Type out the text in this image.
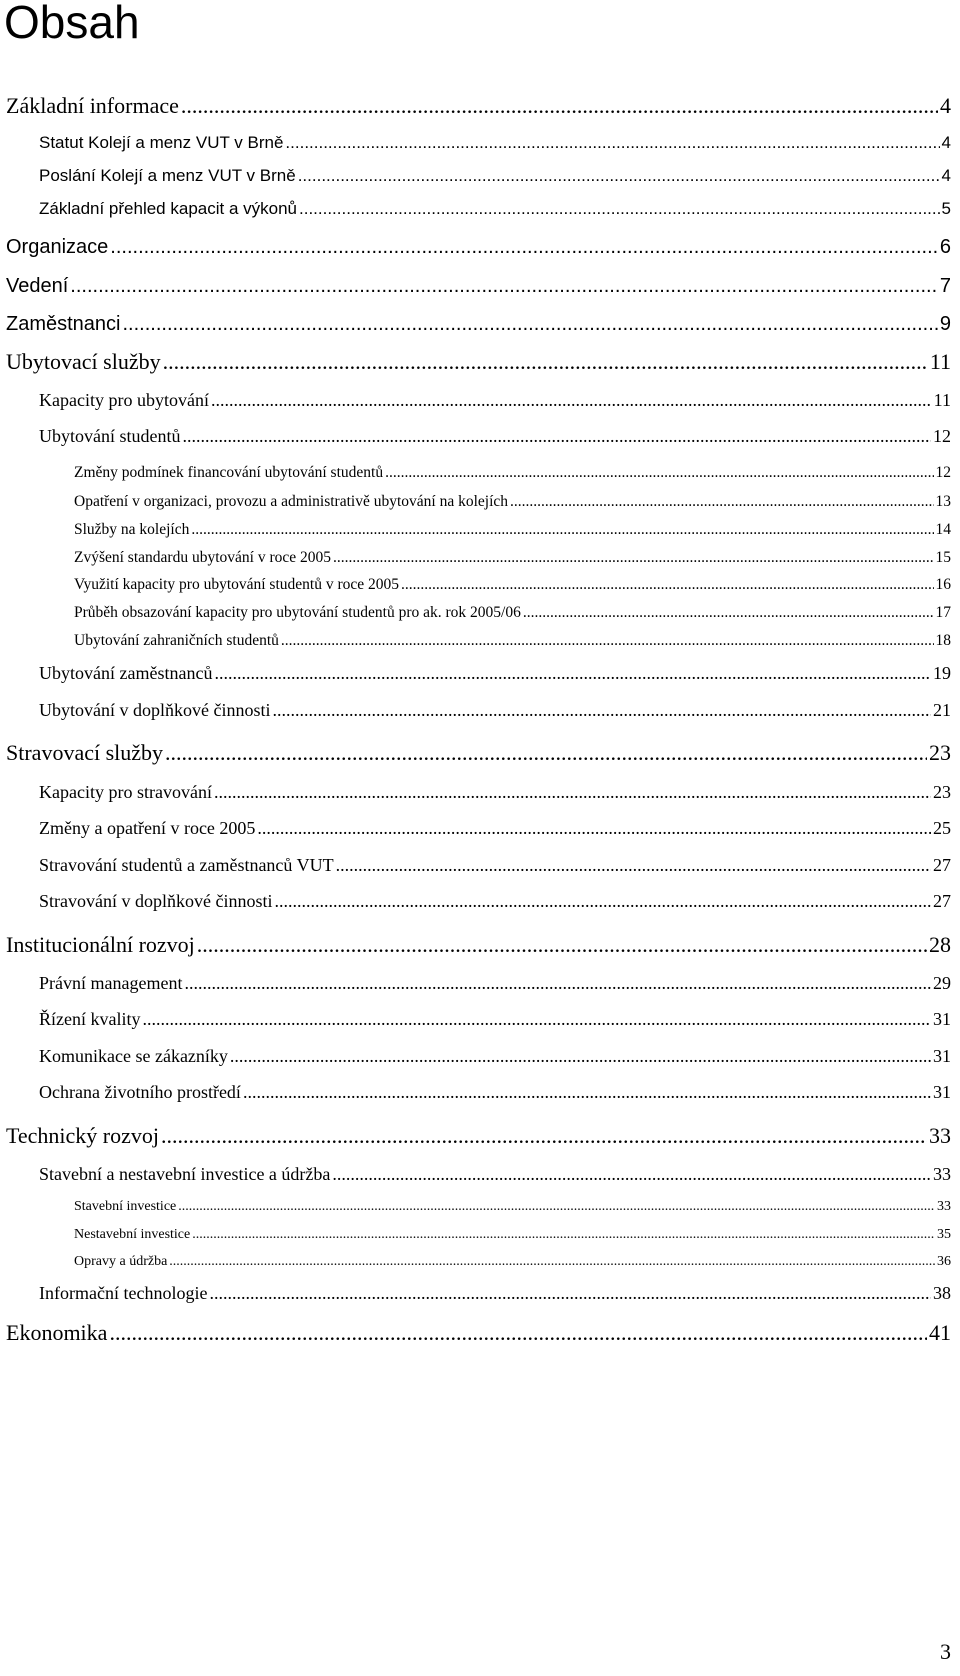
Obsah
Základní informace .....	4
Statut Kolejí a menz VUT v Brně .....	4
Poslání Kolejí a menz VUT v Brně .....	4
Základní přehled kapacit a výkonů .....	5
Organizace .....	6
Vedení .....	7
Zaměstnanci .....	9
Ubytovací služby .....	11
Kapacity pro ubytování .....	11
Ubytování studentů .....	12
Změny podmínek financování ubytování studentů .....	12
Opatření v organizaci, provozu a administrativě ubytování na kolejích .....	13
Služby na kolejích .....	14
Zvýšení standardu ubytování v roce 2005 .....	15
Využití kapacity pro ubytování studentů v roce 2005 .....	16
Průběh obsazování kapacity pro ubytování studentů pro ak. rok 2005/06 .....	17
Ubytování zahraničních studentů .....	18
Ubytování zaměstnanců .....	19
Ubytování v doplňkové činnosti .....	21
Stravovací služby .....	23
Kapacity pro stravování .....	23
Změny a opatření v roce 2005 .....	25
Stravování studentů a zaměstnanců VUT .....	27
Stravování v doplňkové činnosti .....	27
Institucionální rozvoj .....	28
Právní management .....	29
Řízení kvality .....	31
Komunikace se zákazníky .....	31
Ochrana životního prostředí .....	31
Technický rozvoj .....	33
Stavební a nestavební investice a údržba .....	33
Stavební investice .....	33
Nestavební investice .....	35
Opravy a údržba .....	36
Informační technologie .....	38
Ekonomika .....	41
3
